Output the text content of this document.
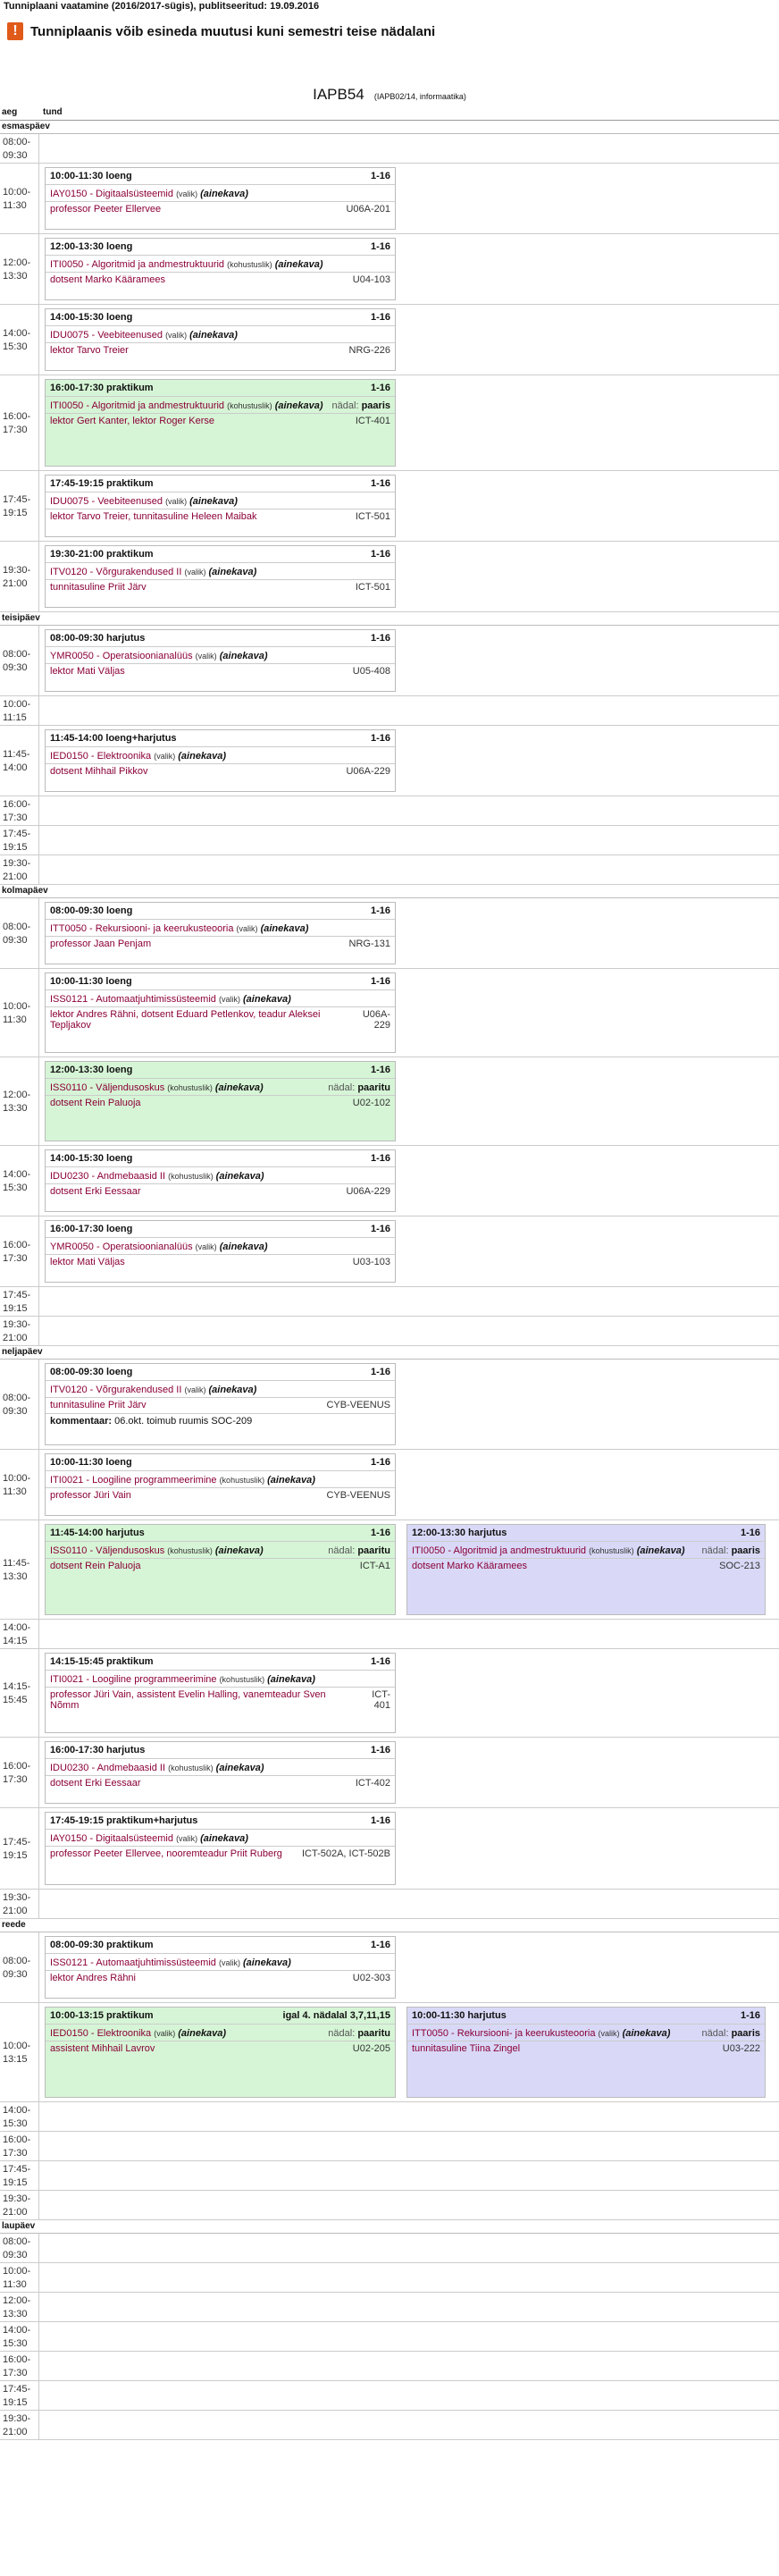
Tunniplaani vaatamine (2016/2017-sügis), publitseeritud: 19.09.2016
! Tunniplaanis võib esineda muutusi kuni semestri teise nädalani
IAPB54 (IAPB02/14, informaatika)
aeg	tund
esmaspäev
08:00-
09:30
10:00-
11:30
10:00-11:30 loeng	1-16
IAY0150 - Digitaalsüsteemid (valik) (ainekava)
professor Peeter Ellervee	U06A-201
12:00-
13:30
12:00-13:30 loeng	1-16
ITI0050 - Algoritmid ja andmestruktuurid (kohustuslik) (ainekava)
dotsent Marko Kääramees	U04-103
14:00-
15:30
14:00-15:30 loeng	1-16
IDU0075 - Veebiteenused (valik) (ainekava)
lektor Tarvo Treier	NRG-226
16:00-
17:30
16:00-17:30 praktikum	1-16
ITI0050 - Algoritmid ja andmestruktuurid (kohustuslik) (ainekava) nädal: paaris
lektor Gert Kanter, lektor Roger Kerse	ICT-401
17:45-
19:15
17:45-19:15 praktikum	1-16
IDU0075 - Veebiteenused (valik) (ainekava)
lektor Tarvo Treier, tunnitasuline Heleen Maibak	ICT-501
19:30-
21:00
19:30-21:00 praktikum	1-16
ITV0120 - Võrgurakendused II (valik) (ainekava)
tunnitasuline Priit Järv	ICT-501
teisipäev
08:00-
09:30
08:00-09:30 harjutus	1-16
YMR0050 - Operatsioonianalüüs (valik) (ainekava)
lektor Mati Väljas	U05-408
10:00-
11:15
11:45-
14:00
11:45-14:00 loeng+harjutus	1-16
IED0150 - Elektroonika (valik) (ainekava)
dotsent Mihhail Pikkov	U06A-229
16:00-
17:30
17:45-
19:15
19:30-
21:00
kolmapäev
08:00-
09:30
08:00-09:30 loeng	1-16
ITT0050 - Rekursiooni- ja keerukusteooria (valik) (ainekava)
professor Jaan Penjam	NRG-131
10:00-
11:30
10:00-11:30 loeng	1-16
ISS0121 - Automaatjuhtimissüsteemid (valik) (ainekava)
lektor Andres Rähni, dotsent Eduard Petlenkov, teadur Aleksei Tepljakov
U06A-229
12:00-
13:30
12:00-13:30 loeng	1-16
ISS0110 - Väljendusoskus (kohustuslik) (ainekava)	nädal: paaritu
dotsent Rein Paluoja	U02-102
14:00-
15:30
14:00-15:30 loeng	1-16
IDU0230 - Andmebaasid II (kohustuslik) (ainekava)
dotsent Erki Eessaar	U06A-229
16:00-
17:30
16:00-17:30 loeng	1-16
YMR0050 - Operatsioonianalüüs (valik) (ainekava)
lektor Mati Väljas	U03-103
17:45-
19:15
19:30-
21:00
neljapäev
08:00-
09:30
08:00-09:30 loeng	1-16
ITV0120 - Võrgurakendused II (valik) (ainekava)
tunnitasuline Priit Järv	CYB-VEENUS
kommentaar: 06.okt. toimub ruumis SOC-209
10:00-
11:30
10:00-11:30 loeng	1-16
ITI0021 - Loogiline programmeerimine (kohustuslik) (ainekava)
professor Jüri Vain	CYB-VEENUS
11:45-
13:30
11:45-14:00 harjutus	1-16
ISS0110 - Väljendusoskus (kohustuslik) (ainekava)	nädal: paaritu
dotsent Rein Paluoja	ICT-A1
12:00-13:30 harjutus	1-16
ITI0050 - Algoritmid ja andmestruktuurid (kohustuslik) (ainekava) nädal: paaris
dotsent Marko Kääramees	SOC-213
14:00-
14:15
14:15-
15:45
14:15-15:45 praktikum	1-16
ITI0021 - Loogiline programmeerimine (kohustuslik) (ainekava)
professor Jüri Vain, assistent Evelin Halling, vanemteadur Sven Nõmm
ICT-401
16:00-
17:30
16:00-17:30 harjutus	1-16
IDU0230 - Andmebaasid II (kohustuslik) (ainekava)
dotsent Erki Eessaar	ICT-402
17:45-
19:15
17:45-19:15 praktikum+harjutus	1-16
IAY0150 - Digitaalsüsteemid (valik) (ainekava)
professor Peeter Ellervee, nooremteadur Priit Ruberg ICT-502A, ICT-502B
19:30-
21:00
reede
08:00-
09:30
08:00-09:30 praktikum	1-16
ISS0121 - Automaatjuhtimissüsteemid (valik) (ainekava)
lektor Andres Rähni	U02-303
10:00-
13:15
10:00-13:15 praktikum	igal 4. nädalal 3,7,11,15
IED0150 - Elektroonika (valik) (ainekava)	nädal: paaritu
assistent Mihhail Lavrov	U02-205
10:00-11:30 harjutus	1-16
ITT0050 - Rekursiooni- ja keerukusteooria (valik) (ainekava)	nädal: paaris
tunnitasuline Tiina Zingel	U03-222
14:00-
15:30
16:00-
17:30
17:45-
19:15
19:30-
21:00
laupäev
08:00-
09:30
10:00-
11:30
12:00-
13:30
14:00-
15:30
16:00-
17:30
17:45-
19:15
19:30-
21:00
